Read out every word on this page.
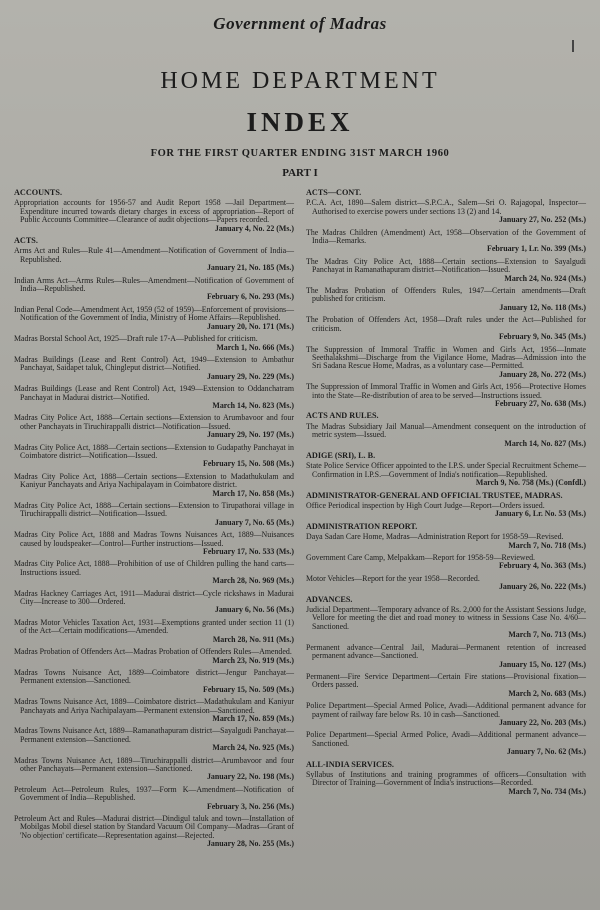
Government of Madras
HOME DEPARTMENT
INDEX
FOR THE FIRST QUARTER ENDING 31ST MARCH 1960
PART I
ACCOUNTS.
Appropriation accounts for 1956-57 and Audit Report 1958 —Jail Department—Expenditure incurred towards dietary charges in excess of appropriation—Report of Public Accounts Committee—Clearance of audit objections—Papers recorded.
January 4, No. 22 (Ms.)
ACTS.
Arms Act and Rules—Rule 41—Amendment—Notification of Government of India—Republished.
January 21, No. 185 (Ms.)
Indian Arms Act—Arms Rules—Rules—Amendment—Notification of Government of India—Republished.
February 6, No. 293 (Ms.)
Indian Penal Code—Amendment Act, 1959 (52 of 1959)—Enforcement of provisions—Notification of the Government of India, Ministry of Home Affairs—Republished.
January 20, No. 171 (Ms.)
Madras Borstal School Act, 1925—Draft rule 17-A—Published for criticism.
March 1, No. 666 (Ms.)
Madras Buildings (Lease and Rent Control) Act, 1949—Extension to Ambathur Panchayat, Saidapet taluk, Chingleput district—Notified.
January 29, No. 229 (Ms.)
Madras Buildings (Lease and Rent Control) Act, 1949—Extension to Oddanchatram Panchayat in Madurai district—Notified.
March 14, No. 823 (Ms.)
Madras City Police Act, 1888—Certain sections—Extension to Arumbavoor and four other Panchayats in Tiruchirappalli district—Notification—Issued.
January 29, No. 197 (Ms.)
Madras City Police Act, 1888—Certain sections—Extension to Gudapathy Panchayat in Coimbatore district—Notification—Issued.
February 15, No. 508 (Ms.)
Madras City Police Act, 1888—Certain sections—Extension to Madathukulam and Kaniyur Panchayats and Ariya Nachipalayam in Coimbatore district.
March 17, No. 858 (Ms.)
Madras City Police Act, 1888—Certain sections—Extension to Tirupathorai village in Tiruchirappalli district—Notification—Issued.
January 7, No. 65 (Ms.)
Madras City Police Act, 1888 and Madras Towns Nuisances Act, 1889—Nuisances caused by loudspeaker—Control—Further instructions—Issued.
February 17, No. 533 (Ms.)
Madras City Police Act, 1888—Prohibition of use of Children pulling the hand carts—Instructions issued.
March 28, No. 969 (Ms.)
Madras Hackney Carriages Act, 1911—Madurai district—Cycle rickshaws in Madurai City—Increase to 300—Ordered.
January 6, No. 56 (Ms.)
Madras Motor Vehicles Taxation Act, 1931—Exemptions granted under section 11 (1) of the Act—Certain modifications—Amended.
March 28, No. 911 (Ms.)
Madras Probation of Offenders Act—Madras Probation of Offenders Rules—Amended.
March 23, No. 919 (Ms.)
Madras Towns Nuisance Act, 1889—Coimbatore district—Jengur Panchayat—Permanent extension—Sanctioned.
February 15, No. 509 (Ms.)
Madras Towns Nuisance Act, 1889—Coimbatore district—Madathukulam and Kaniyur Panchayats and Ariya Nachipalayam—Permanent extension—Sanctioned.
March 17, No. 859 (Ms.)
Madras Towns Nuisance Act, 1889—Ramanathapuram district—Sayalgudi Panchayat—Permanent extension—Sanctioned.
March 24, No. 925 (Ms.)
Madras Towns Nuisance Act, 1889—Tiruchirappalli district—Arumbavoor and four other Panchayats—Permanent extension—Sanctioned.
January 22, No. 198 (Ms.)
Petroleum Act—Petroleum Rules, 1937—Form K—Amendment—Notification of Government of India—Republished.
February 3, No. 256 (Ms.)
Petroleum Act and Rules—Madurai district—Dindigul taluk and town—Installation of Mobilgas Mobil diesel station by Standard Vacuum Oil Company—Madras—Grant of 'No objection' certificate—Representation against—Rejected.
January 28, No. 255 (Ms.)
ACTS—CONT.
P.C.A. Act, 1890—Salem district—S.P.C.A., Salem—Sri O. Rajagopal, Inspector—Authorised to exercise powers under sections 13 (2) and 14.
January 27, No. 252 (Ms.)
The Madras Children (Amendment) Act, 1958—Observation of the Government of India—Remarks.
February 1, Lr. No. 399 (Ms.)
The Madras City Police Act, 1888—Certain sections—Extension to Sayalgudi Panchayat in Ramanathapuram district—Notification—Issued.
March 24, No. 924 (Ms.)
The Madras Probation of Offenders Rules, 1947—Certain amendments—Draft published for criticism.
January 12, No. 118 (Ms.)
The Probation of Offenders Act, 1958—Draft rules under the Act—Published for criticism.
February 9, No. 345 (Ms.)
The Suppression of Immoral Traffic in Women and Girls Act, 1956—Inmate Seethalakshmi—Discharge from the Vigilance Home, Madras—Admission into the Sri Sadana Rescue Home, Madras, as a voluntary case—Permitted.
January 28, No. 272 (Ms.)
The Suppression of Immoral Traffic in Women and Girls Act, 1956—Protective Homes into the State—Re-distribution of area to be served—Instructions issued.
February 27, No. 638 (Ms.)
ACTS AND RULES.
The Madras Subsidiary Jail Manual—Amendment consequent on the introduction of metric system—Issued.
March 14, No. 827 (Ms.)
ADIGE (SRI), L. B.
State Police Service Officer appointed to the I.P.S. under Special Recruitment Scheme—Confirmation in I.P.S.—Government of India's notification—Republished.
March 9, No. 758 (Ms.) (Confdl.)
ADMINISTRATOR-GENERAL AND OFFICIAL TRUSTEE, MADRAS.
Office Periodical inspection by High Court Judge—Report—Orders issued.
January 6, Lr. No. 53 (Ms.)
ADMINISTRATION REPORT.
Daya Sadan Care Home, Madras—Administration Report for 1958-59—Revised.
March 7, No. 718 (Ms.)
Government Care Camp, Melpakkam—Report for 1958-59—Reviewed.
February 4, No. 363 (Ms.)
Motor Vehicles—Report for the year 1958—Recorded.
January 26, No. 222 (Ms.)
ADVANCES.
Judicial Department—Temporary advance of Rs. 2,000 for the Assistant Sessions Judge, Vellore for meeting the diet and road money to witness in Sessions Case No. 4/60—Sanctioned.
March 7, No. 713 (Ms.)
Permanent advance—Central Jail, Madurai—Permanent retention of increased permanent advance—Sanctioned.
January 15, No. 127 (Ms.)
Permanent—Fire Service Department—Certain Fire stations—Provisional fixation—Orders passed.
March 2, No. 683 (Ms.)
Police Department—Special Armed Police, Avadi—Additional permanent advance for payment of railway fare below Rs. 10 in cash—Sanctioned.
January 22, No. 203 (Ms.)
Police Department—Special Armed Police, Avadi—Additional permanent advance—Sanctioned.
January 7, No. 62 (Ms.)
ALL-INDIA SERVICES.
Syllabus of Institutions and training programmes of officers—Consultation with Director of Training—Government of India's instructions—Recorded.
March 7, No. 734 (Ms.)
